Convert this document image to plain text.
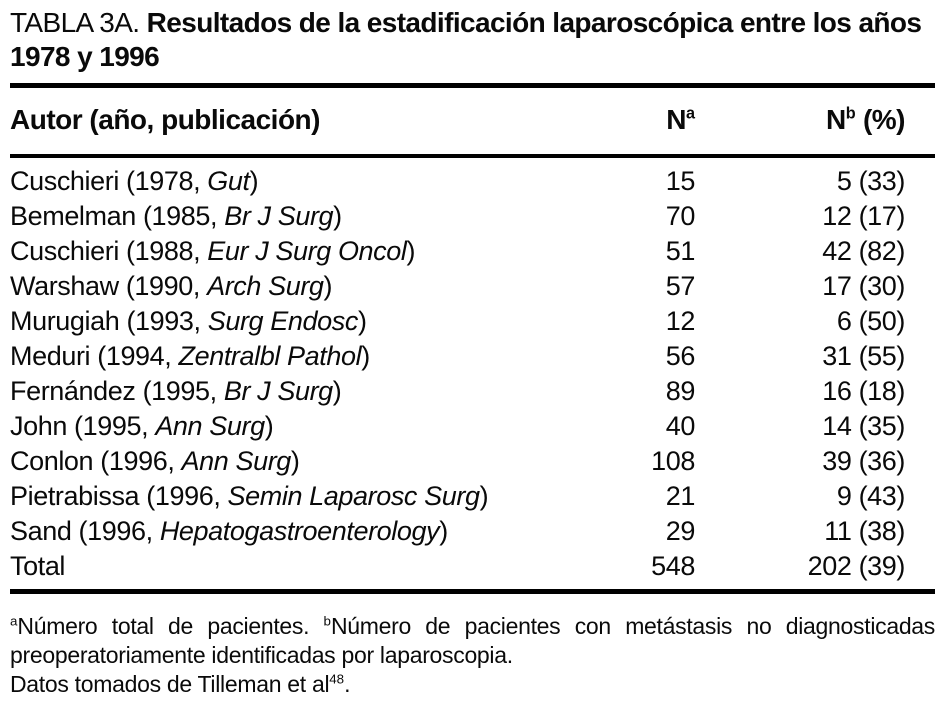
TABLA 3A. Resultados de la estadificación laparoscópica entre los años 1978 y 1996
Autor (año, publicación)	$N^a$	$N^b$ (%)
Cuschieri (1978, Gut)	15	5 (33)
Bemelman (1985, Br J Surg)	70	12 (17)
Cuschieri (1988, Eur J Surg Oncol)	51	42 (82)
Warshaw (1990, Arch Surg)	57	17 (30)
Murugiah (1993, Surg Endosc)	12	6 (50)
Meduri (1994, Zentralbl Pathol)	56	31 (55)
Fernández (1995, Br J Surg)	89	16 (18)
John (1995, Ann Surg)	40	14 (35)
Conlon (1996, Ann Surg)	108	39 (36)
Pietrabissa (1996, Semin Laparosc Surg)	21	9 (43)
Sand (1996, Hepatogastroenterology)	29	11 (38)
Total	548	202 (39)

$^a$Número total de pacientes. $^b$Número de pacientes con metástasis no diagnosticadas preoperatoriamente identificadas por laparoscopia.

Datos tomados de Tilleman et $al^{48}$.
